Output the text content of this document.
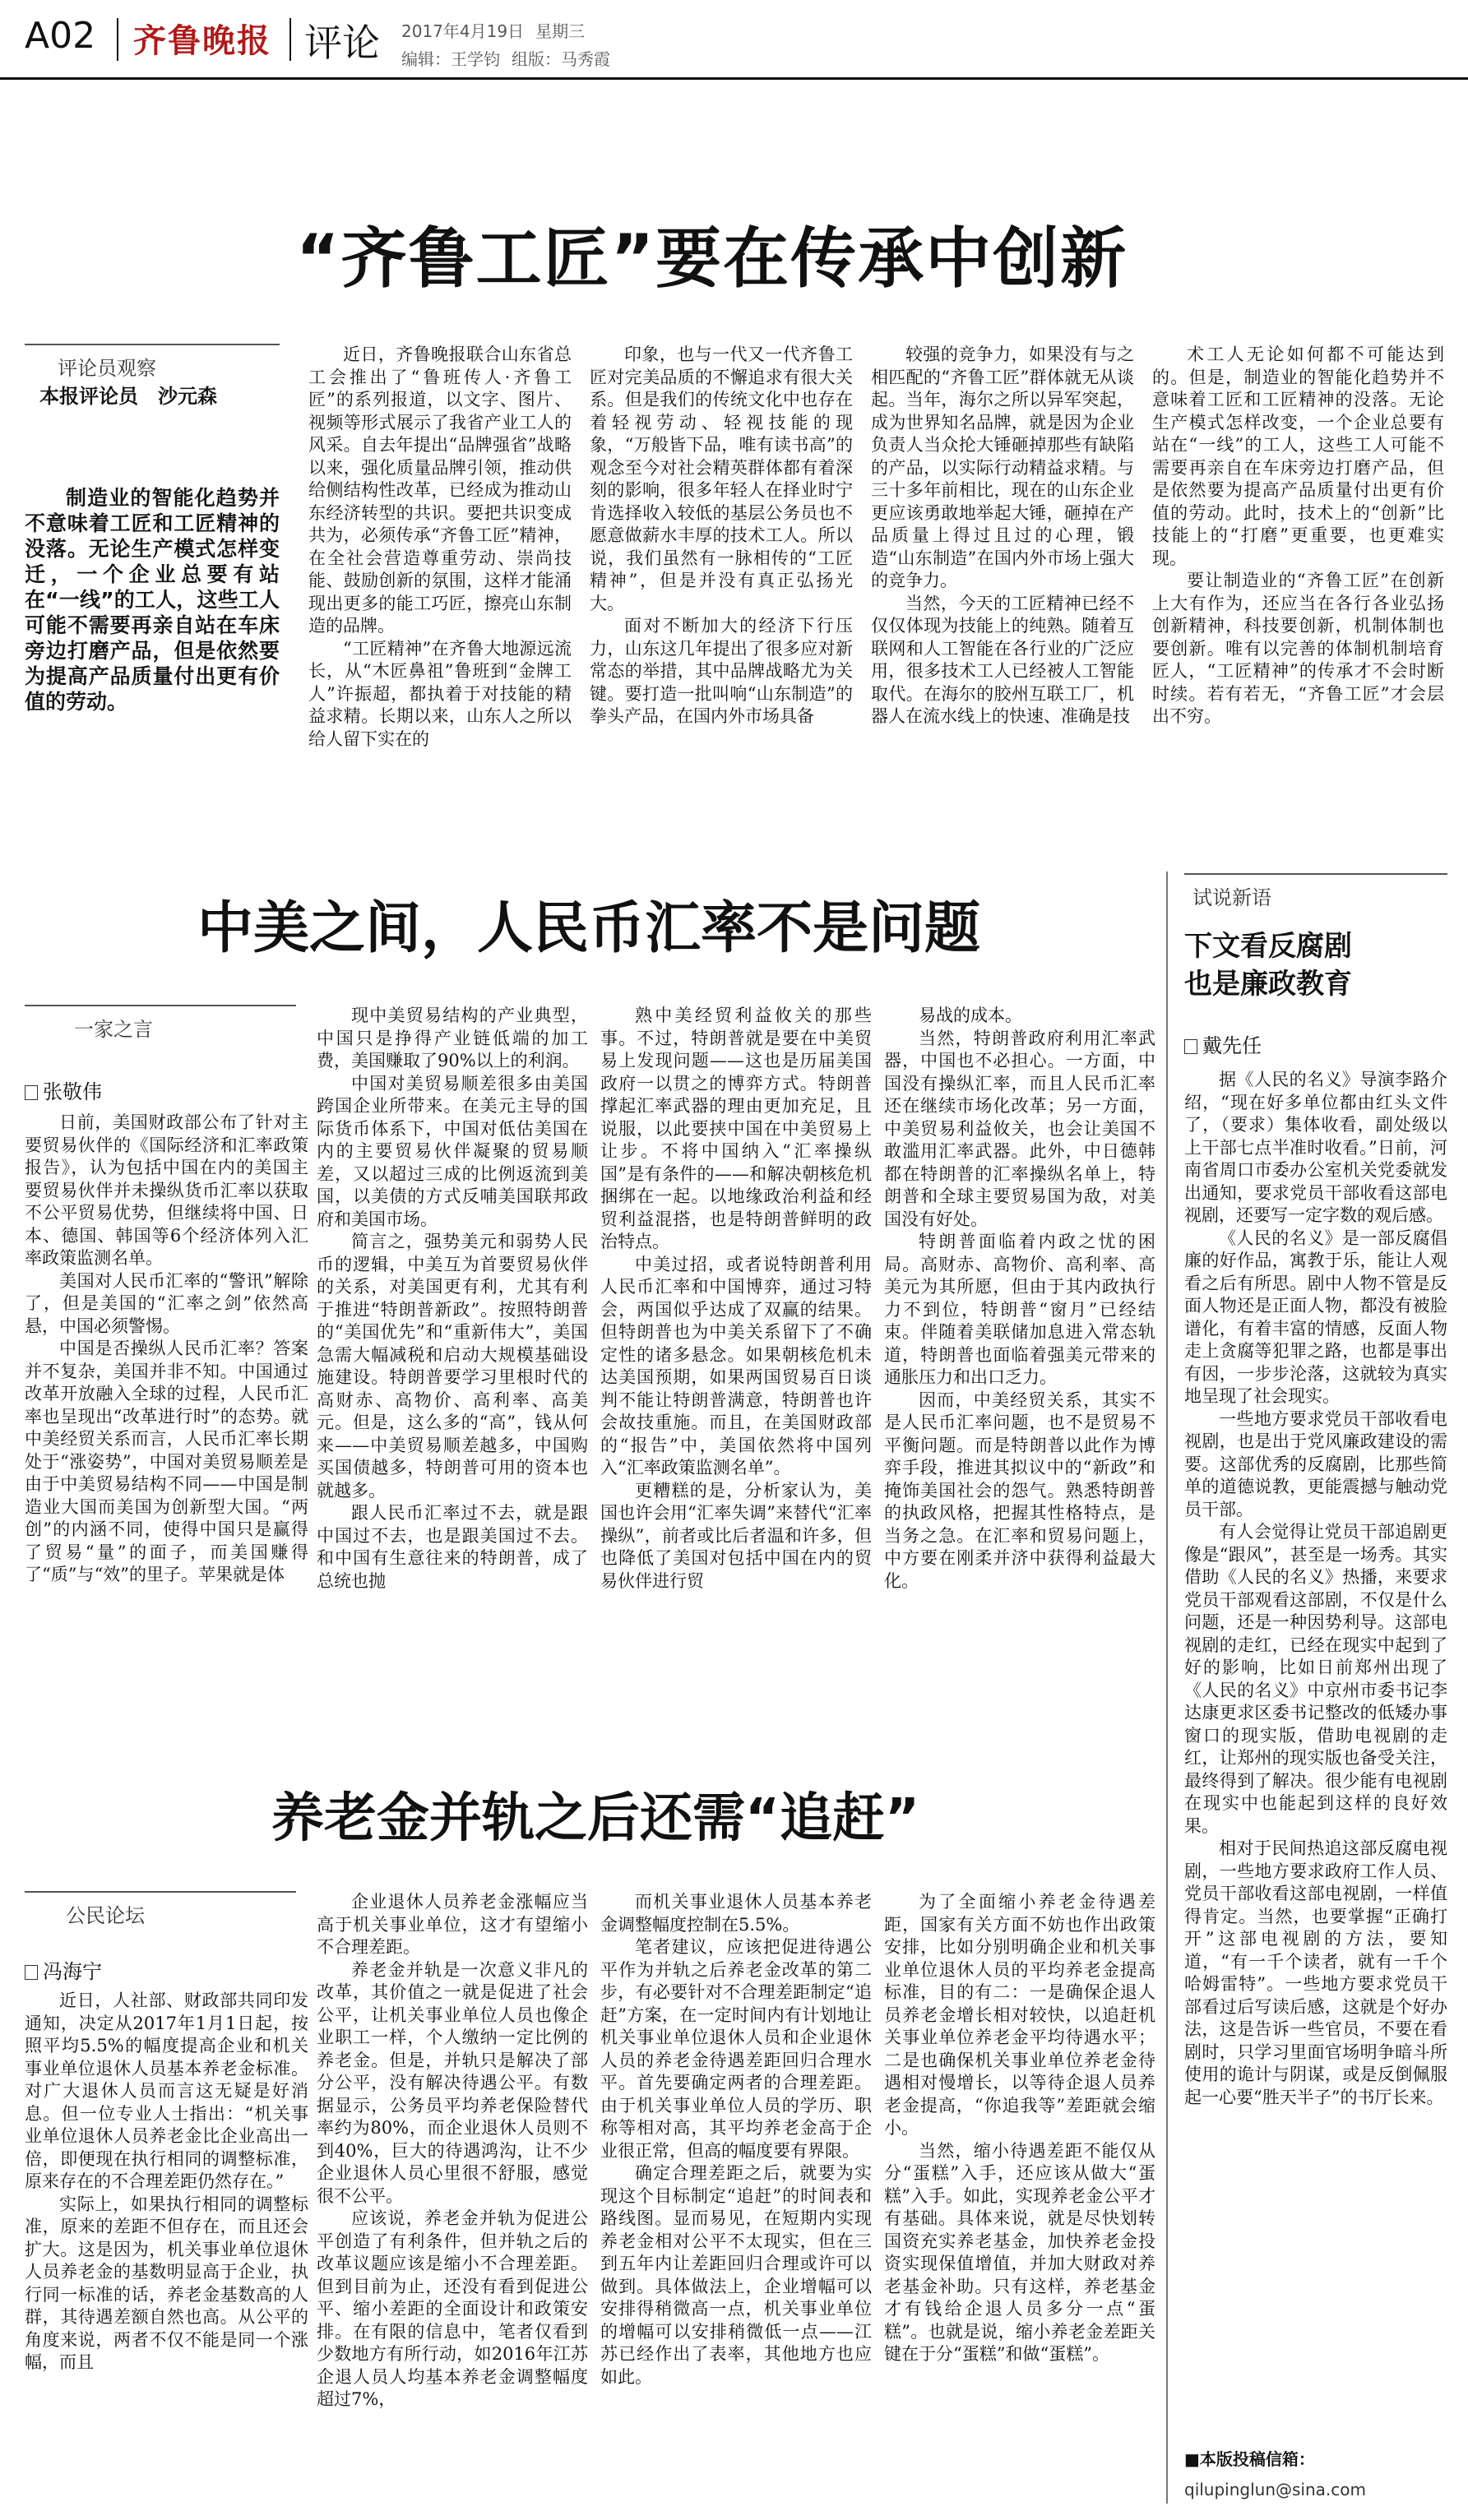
A02 齐鲁晚报 评论 2017年4月19日 星期三
编辑：王学钧 组版：马秀霞
“齐鲁工匠”要在传承中创新
评论员观察
本报评论员　沙元森

制造业的智能化趋势并不意味着工匠和工匠精神的没落。无论生产模式怎样变迁，一个企业总要有站在“一线”的工人，这些工人可能不需要再亲自站在车床旁边打磨产品，但是依然要为提高产品质量付出更有价值的劳动。

近日，齐鲁晚报联合山东省总工会推出了“鲁班传人·齐鲁工匠”的系列报道，以文字、图片、视频等形式展示了我省产业工人的风采。自去年提出“品牌强省”战略以来，强化质量品牌引领，推动供给侧结构性改革，已经成为推动山东经济转型的共识。要把共识变成共为，必须传承“齐鲁工匠”精神，在全社会营造尊重劳动、崇尚技能、鼓励创新的氛围，这样才能涌现出更多的能工巧匠，擦亮山东制造的品牌。

“工匠精神”在齐鲁大地源远流长，从“木匠鼻祖”鲁班到“金牌工人”许振超，都执着于对技能的精益求精。长期以来，山东人之所以给人留下实在的

印象，也与一代又一代齐鲁工匠对完美品质的不懈追求有很大关系。但是我们的传统文化中也存在着轻视劳动、轻视技能的现象，“万般皆下品，唯有读书高”的观念至今对社会精英群体都有着深刻的影响，很多年轻人在择业时宁肯选择收入较低的基层公务员也不愿意做薪水丰厚的技术工人。所以说，我们虽然有一脉相传的“工匠精神”，但是并没有真正弘扬光大。

面对不断加大的经济下行压力，山东这几年提出了很多应对新常态的举措，其中品牌战略尤为关键。要打造一批叫响“山东制造”的拳头产品，在国内外市场具备

较强的竞争力，如果没有与之相匹配的“齐鲁工匠”群体就无从谈起。当年，海尔之所以异军突起，成为世界知名品牌，就是因为企业负责人当众抡大锤砸掉那些有缺陷的产品，以实际行动精益求精。与三十多年前相比，现在的山东企业更应该勇敢地举起大锤，砸掉在产品质量上得过且过的心理，锻造“山东制造”在国内外市场上强大的竞争力。

当然，今天的工匠精神已经不仅仅体现为技能上的纯熟。随着互联网和人工智能在各行业的广泛应用，很多技术工人已经被人工智能取代。在海尔的胶州互联工厂，机器人在流水线上的快速、准确是技

术工人无论如何都不可能达到的。但是，制造业的智能化趋势并不意味着工匠和工匠精神的没落。无论生产模式怎样改变，一个企业总要有站在“一线”的工人，这些工人可能不需要再亲自在车床旁边打磨产品，但是依然要为提高产品质量付出更有价值的劳动。此时，技术上的“创新”比技能上的“打磨”更重要，也更难实现。

要让制造业的“齐鲁工匠”在创新上大有作为，还应当在各行各业弘扬创新精神，科技要创新，机制体制也要创新。唯有以完善的体制机制培育匠人，“工匠精神”的传承才不会时断时续。若有若无，“齐鲁工匠”才会层出不穷。

中美之间，人民币汇率不是问题
一家之言
张敬伟

日前，美国财政部公布了针对主要贸易伙伴的《国际经济和汇率政策报告》，认为包括中国在内的美国主要贸易伙伴并未操纵货币汇率以获取不公平贸易优势，但继续将中国、日本、德国、韩国等6个经济体列入汇率政策监测名单。

美国对人民币汇率的“警讯”解除了，但是美国的“汇率之剑”依然高悬，中国必须警惕。

中国是否操纵人民币汇率？答案并不复杂，美国并非不知。中国通过改革开放融入全球的过程，人民币汇率也呈现出“改革进行时”的态势。就中美经贸关系而言，人民币汇率长期处于“涨姿势”，中国对美贸易顺差是由于中美贸易结构不同——中国是制造业大国而美国为创新型大国。“两创”的内涵不同，使得中国只是赢得了贸易“量”的面子，而美国赚得了“质”与“效”的里子。苹果就是体

现中美贸易结构的产业典型，中国只是挣得产业链低端的加工费，美国赚取了90%以上的利润。

中国对美贸易顺差很多由美国跨国企业所带来。在美元主导的国际货币体系下，中国对低估美国在内的主要贸易伙伴凝聚的贸易顺差，又以超过三成的比例返流到美国，以美债的方式反哺美国联邦政府和美国市场。

简言之，强势美元和弱势人民币的逻辑，中美互为首要贸易伙伴的关系，对美国更有利，尤其有利于推进“特朗普新政”。按照特朗普的“美国优先”和“重新伟大”，美国急需大幅减税和启动大规模基础设施建设。特朗普要学习里根时代的高财赤、高物价、高利率、高美元。但是，这么多的“高”，钱从何来——中美贸易顺差越多，中国购买国债越多，特朗普可用的资本也就越多。

跟人民币汇率过不去，就是跟中国过不去，也是跟美国过不去。和中国有生意往来的特朗普，成了总统也抛

熟中美经贸利益攸关的那些事。不过，特朗普就是要在中美贸易上发现问题——这也是历届美国政府一以贯之的博弈方式。特朗普撑起汇率武器的理由更加充足，且说服，以此要挟中国在中美贸易上让步。不将中国纳入“汇率操纵国”是有条件的——和解决朝核危机捆绑在一起。以地缘政治利益和经贸利益混搭，也是特朗普鲜明的政治特点。

中美过招，或者说特朗普利用人民币汇率和中国博弈，通过习特会，两国似乎达成了双赢的结果。但特朗普也为中美关系留下了不确定性的诸多悬念。如果朝核危机未达美国预期，如果两国贸易百日谈判不能让特朗普满意，特朗普也许会故技重施。而且，在美国财政部的“报告”中，美国依然将中国列入“汇率政策监测名单”。

更糟糕的是，分析家认为，美国也许会用“汇率失调”来替代“汇率操纵”，前者或比后者温和许多，但也降低了美国对包括中国在内的贸易伙伴进行贸

易战的成本。

当然，特朗普政府利用汇率武器，中国也不必担心。一方面，中国没有操纵汇率，而且人民币汇率还在继续市场化改革；另一方面，中美贸易利益攸关，也会让美国不敢滥用汇率武器。此外，中日德韩都在特朗普的汇率操纵名单上，特朗普和全球主要贸易国为敌，对美国没有好处。

特朗普面临着内政之忧的困局。高财赤、高物价、高利率、高美元为其所愿，但由于其内政执行力不到位，特朗普“窗月”已经结束。伴随着美联储加息进入常态轨道，特朗普也面临着强美元带来的通胀压力和出口乏力。

因而，中美经贸关系，其实不是人民币汇率问题，也不是贸易不平衡问题。而是特朗普以此作为博弈手段，推进其拟议中的“新政”和掩饰美国社会的怨气。熟悉特朗普的执政风格，把握其性格特点，是当务之急。在汇率和贸易问题上，中方要在刚柔并济中获得利益最大化。

养老金并轨之后还需“追赶”
公民论坛
冯海宁

近日，人社部、财政部共同印发通知，决定从2017年1月1日起，按照平均5.5%的幅度提高企业和机关事业单位退休人员基本养老金标准。对广大退休人员而言这无疑是好消息。但一位专业人士指出：“机关事业单位退休人员养老金比企业高出一倍，即便现在执行相同的调整标准，原来存在的不合理差距仍然存在。”

实际上，如果执行相同的调整标准，原来的差距不但存在，而且还会扩大。这是因为，机关事业单位退休人员养老金的基数明显高于企业，执行同一标准的话，养老金基数高的人群，其待遇差额自然也高。从公平的角度来说，两者不仅不能是同一个涨幅，而且

企业退休人员养老金涨幅应当高于机关事业单位，这才有望缩小不合理差距。

养老金并轨是一次意义非凡的改革，其价值之一就是促进了社会公平，让机关事业单位人员也像企业职工一样，个人缴纳一定比例的养老金。但是，并轨只是解决了部分公平，没有解决待遇公平。有数据显示，公务员平均养老保险替代率约为80%，而企业退休人员则不到40%，巨大的待遇鸿沟，让不少企业退休人员心里很不舒服，感觉很不公平。

应该说，养老金并轨为促进公平创造了有利条件，但并轨之后的改革议题应该是缩小不合理差距。但到目前为止，还没有看到促进公平、缩小差距的全面设计和政策安排。在有限的信息中，笔者仅看到少数地方有所行动，如2016年江苏企退人员人均基本养老金调整幅度超过7%，

而机关事业退休人员基本养老金调整幅度控制在5.5%。

笔者建议，应该把促进待遇公平作为并轨之后养老金改革的第二步，有必要针对不合理差距制定“追赶”方案，在一定时间内有计划地让机关事业单位退休人员和企业退休人员的养老金待遇差距回归合理水平。首先要确定两者的合理差距。由于机关事业单位人员的学历、职称等相对高，其平均养老金高于企业很正常，但高的幅度要有界限。

确定合理差距之后，就要为实现这个目标制定“追赶”的时间表和路线图。显而易见，在短期内实现养老金相对公平不太现实，但在三到五年内让差距回归合理或许可以做到。具体做法上，企业增幅可以安排得稍微高一点，机关事业单位的增幅可以安排稍微低一点——江苏已经作出了表率，其他地方也应如此。

为了全面缩小养老金待遇差距，国家有关方面不妨也作出政策安排，比如分别明确企业和机关事业单位退休人员的平均养老金提高标准，目的有二：一是确保企退人员养老金增长相对较快，以追赶机关事业单位养老金平均待遇水平；二是也确保机关事业单位养老金待遇相对慢增长，以等待企退人员养老金提高，“你追我等”差距就会缩小。

当然，缩小待遇差距不能仅从分“蛋糕”入手，还应该从做大“蛋糕”入手。如此，实现养老金公平才有基础。具体来说，就是尽快划转国资充实养老基金，加快养老金投资实现保值增值，并加大财政对养老基金补助。只有这样，养老基金才有钱给企退人员多分一点“蛋糕”。也就是说，缩小养老金差距关键在于分“蛋糕”和做“蛋糕”。

试说新语
下文看反腐剧
也是廉政教育
戴先任

据《人民的名义》导演李路介绍，“现在好多单位都由红头文件了，（要求）集体收看，副处级以上干部七点半准时收看。”日前，河南省周口市委办公室机关党委就发出通知，要求党员干部收看这部电视剧，还要写一定字数的观后感。

《人民的名义》是一部反腐倡廉的好作品，寓教于乐，能让人观看之后有所思。剧中人物不管是反面人物还是正面人物，都没有被脸谱化，有着丰富的情感，反面人物走上贪腐等犯罪之路，也都是事出有因，一步步沦落，这就较为真实地呈现了社会现实。

一些地方要求党员干部收看电视剧，也是出于党风廉政建设的需要。这部优秀的反腐剧，比那些简单的道德说教，更能震撼与触动党员干部。

有人会觉得让党员干部追剧更像是“跟风”，甚至是一场秀。其实借助《人民的名义》热播，来要求党员干部观看这部剧，不仅是什么问题，还是一种因势利导。这部电视剧的走红，已经在现实中起到了好的影响，比如日前郑州出现了《人民的名义》中京州市委书记李达康更求区委书记整改的低矮办事窗口的现实版，借助电视剧的走红，让郑州的现实版也备受关注，最终得到了解决。很少能有电视剧在现实中也能起到这样的良好效果。

相对于民间热追这部反腐电视剧，一些地方要求政府工作人员、党员干部收看这部电视剧，一样值得肯定。当然，也要掌握“正确打开”这部电视剧的方法，要知道，“有一千个读者，就有一千个哈姆雷特”。一些地方要求党员干部看过后写读后感，这就是个好办法，这是告诉一些官员，不要在看剧时，只学习里面官场明争暗斗所使用的诡计与阴谋，或是反倒佩服起一心要“胜天半子”的书厅长来。

■本版投稿信箱：
qilupinglun@sina.com
